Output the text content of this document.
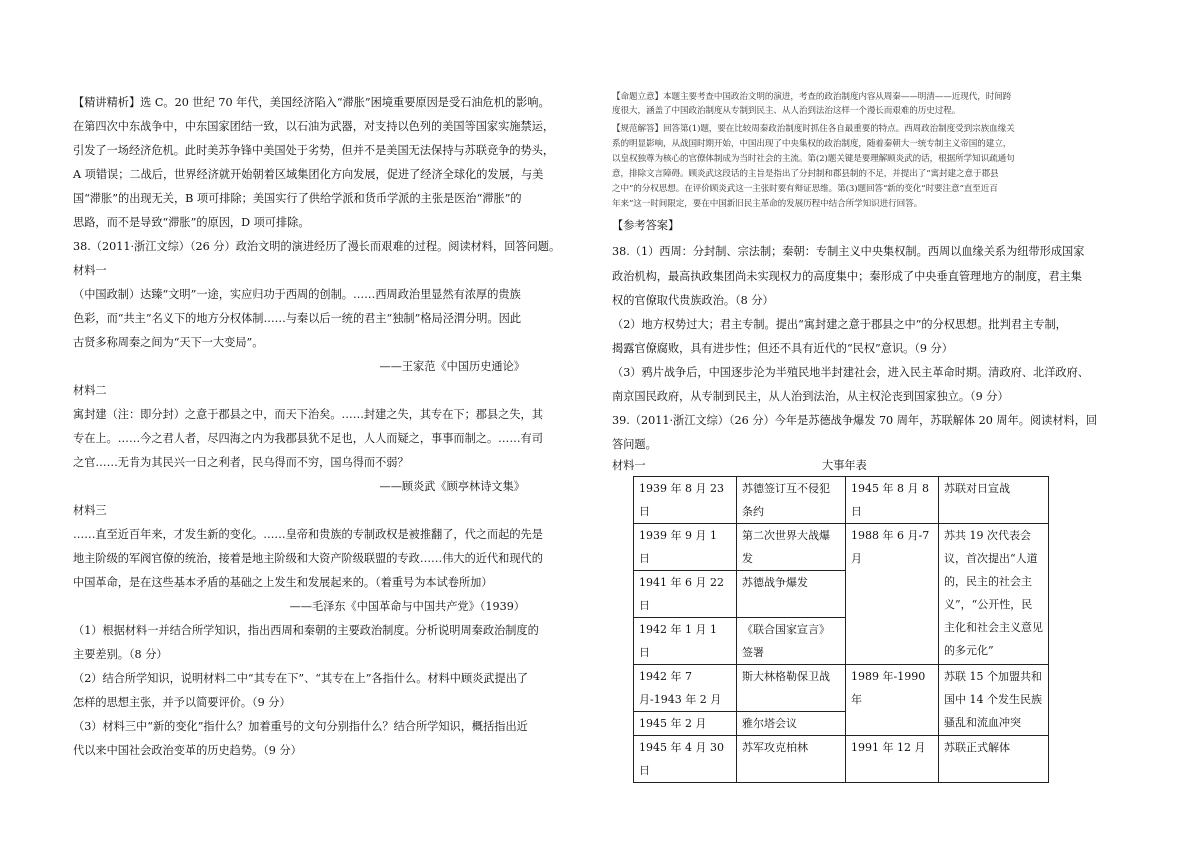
【精讲精析】选 C。20 世纪 70 年代，美国经济陷入“滞胀”困境重要原因是受石油危机的影响。
在第四次中东战争中，中东国家团结一致，以石油为武器，对支持以色列的美国等国家实施禁运，
引发了一场经济危机。此时美苏争锋中美国处于劣势，但并不是美国无法保持与苏联竞争的势头，
A 项错误；二战后，世界经济就开始朝着区域集团化方向发展，促进了经济全球化的发展，与美
国“滞胀”的出现无关，B 项可排除；美国实行了供给学派和货币学派的主张是医治“滞胀”的
思路，而不是导致“滞胀”的原因，D 项可排除。
38.（2011·浙江文综）（26 分）政治文明的演进经历了漫长而艰难的过程。阅读材料，回答问题。
材料一
（中国政制）达臻“文明”一途，实应归功于西周的创制。……西周政治里显然有浓厚的贵族
色彩，而“共主”名义下的地方分权体制……与秦以后一统的君主“独制”格局泾渭分明。因此
古贤多称周秦之间为“天下一大变局”。
——王家范《中国历史通论》
材料二
寓封建（注：即分封）之意于郡县之中，而天下治矣。……封建之失，其专在下；郡县之失，其
专在上。……今之君人者，尽四海之内为我郡县犹不足也，人人而疑之，事事而制之。……有司
之官……无肯为其民兴一日之利者，民乌得而不穷，国乌得而不弱？
——顾炎武《顾亭林诗文集》
材料三
……直至近百年来，才发生新的变化。……皇帝和贵族的专制政权是被推翻了，代之而起的先是
地主阶级的军阀官僚的统治，接着是地主阶级和大资产阶级联盟的专政……伟大的近代和现代的
中国革命，是在这些基本矛盾的基础之上发生和发展起来的。（着重号为本试卷所加）
——毛泽东《中国革命与中国共产党》（1939）
（1）根据材料一并结合所学知识，指出西周和秦朝的主要政治制度。分析说明周秦政治制度的
主要差别。（8 分）
（2）结合所学知识，说明材料二中“其专在下”、“其专在上”各指什么。材料中顾炎武提出了
怎样的思想主张，并予以简要评价。（9 分）
（3）材料三中“新的变化”指什么？加着重号的文句分别指什么？结合所学知识，概括指出近
代以来中国社会政治变革的历史趋势。（9 分）
【命题立意】本题主要考查中国政治文明的演进，考查的政治制度内容从周秦——明清——近现代，时间跨
度很大，涵盖了中国政治制度从专制到民主、从人治到法治这样一个漫长而艰难的历史过程。
【规范解答】回答第(1)题，要在比较周秦政治制度时抓住各自最重要的特点。西周政治制度受到宗族血缘关
系的明显影响，从战国时期开始，中国出现了中央集权的政治制度，随着秦朝大一统专制主义帝国的建立，
以皇权独尊为核心的官僚体制成为当时社会的主流。第(2)题关键是要理解顾炎武的话，根据所学知识疏通句
意，排除文言障碍。顾炎武这段话的主旨是指出了分封制和郡县制的不足，并提出了“寓封建之意于郡县
之中”的分权思想。在评价顾炎武这一主张时要有辩证思维。第(3)题回答“新的变化”时要注意“直至近百
年来”这一时间限定，要在中国新旧民主革命的发展历程中结合所学知识进行回答。
【参考答案】
38.（1）西周：分封制、宗法制；秦朝：专制主义中央集权制。西周以血缘关系为纽带形成国家
政治机构，最高执政集团尚未实现权力的高度集中；秦形成了中央垂直管理地方的制度，君主集
权的官僚取代贵族政治。（8 分）
（2）地方权势过大；君主专制。提出“寓封建之意于郡县之中”的分权思想。批判君主专制，
揭露官僚腐败，具有进步性；但还不具有近代的“民权”意识。（9 分）
（3）鸦片战争后，中国逐步沦为半殖民地半封建社会，进入民主革命时期。清政府、北洋政府、
南京国民政府，从专制到民主，从人治到法治，从主权沦丧到国家独立。（9 分）
39.（2011·浙江文综）（26 分）今年是苏德战争爆发 70 周年，苏联解体 20 周年。阅读材料，回
答问题。
材料一	大事年表
1939 年 8 月 23 日	苏德签订互不侵犯条约	1945 年 8 月 8 日	苏联对日宣战
1939 年 9 月 1 日	第二次世界大战爆发	1988 年 6 月-7 月	苏共 19 次代表会议，首次提出“人道的，民主的社会主义”，“公开性，民主化和社会主义意见的多元化”
1941 年 6 月 22 日	苏德战争爆发		
1942 年 1 月 1 日	《联合国家宣言》签署		
1942 年 7 月-1943 年 2 月	斯大林格勒保卫战	1989 年-1990 年	苏联 15 个加盟共和国中 14 个发生民族骚乱和流血冲突
1945 年 2 月	雅尔塔会议		
1945 年 4 月 30 日	苏军攻克柏林	1991 年 12 月	苏联正式解体
